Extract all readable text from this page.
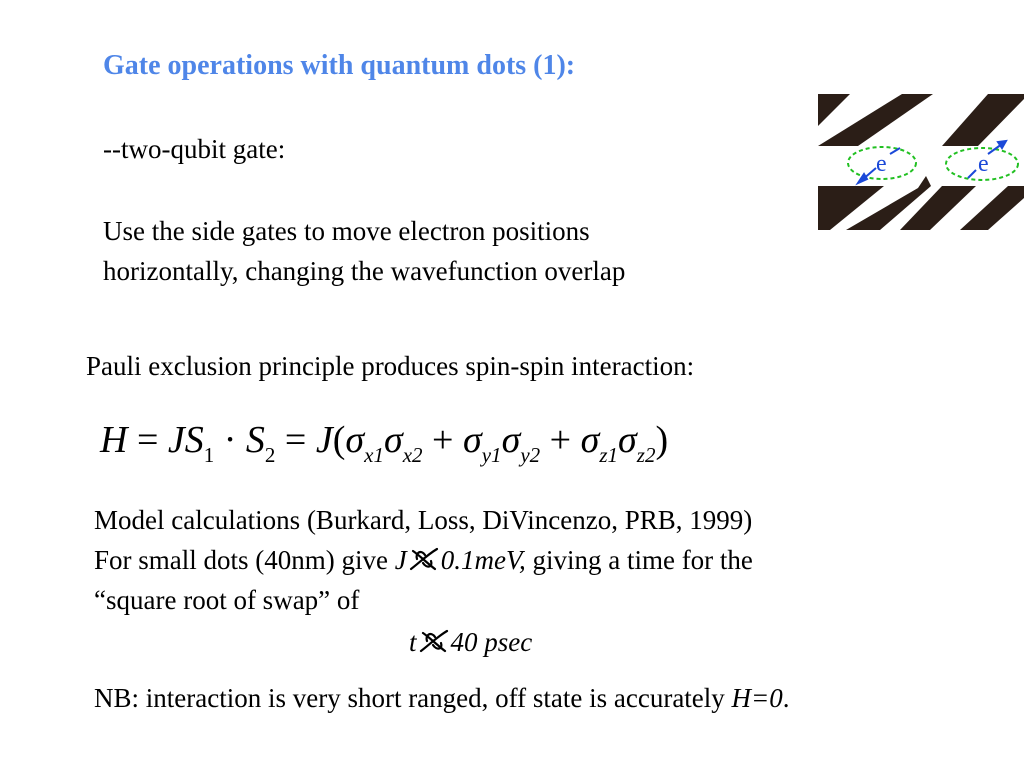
Gate operations with quantum dots (1):
--two-qubit gate:
Use the side gates to move electron positions
horizontally, changing the wavefunction overlap
Pauli exclusion principle produces spin-spin interaction:
$H = JS_1 \cdot S_2 = J(\sigma_{x1}\sigma_{x2} + \sigma_{y1}\sigma_{y2} + \sigma_{z1}\sigma_{z2})$
Model calculations (Burkard, Loss, DiVincenzo, PRB, 1999)
For small dots (40nm) give J 0.1meV, giving a time for the
“square root of swap” of
t 40 psec
NB: interaction is very short ranged, off state is accurately H=0.
e	e
